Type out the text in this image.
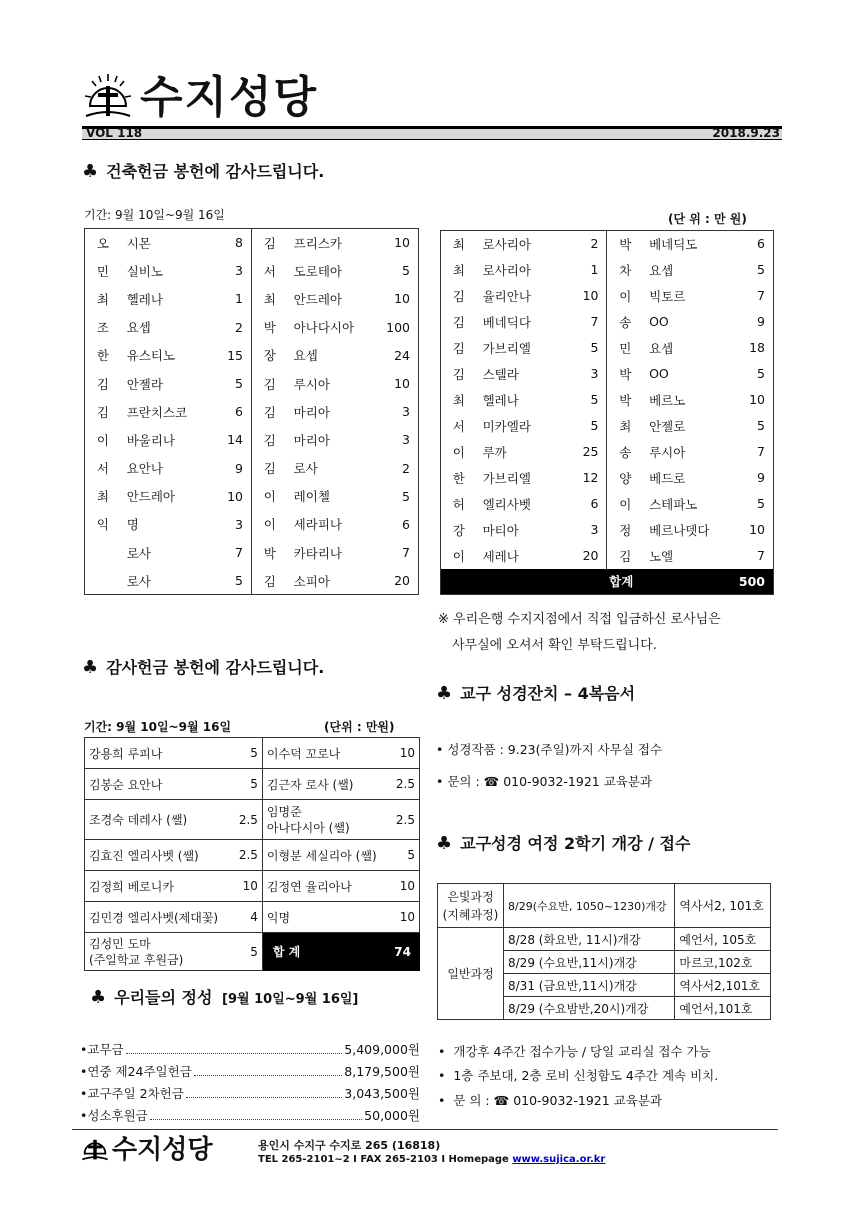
수지성당
VOL 118	2018.9.23
♣ 건축헌금 봉헌에 감사드립니다.
기간: 9월 10일~9월 16일	(단 위 : 만 원)
오	시몬	8	김	프리스카	10
민	실비노	3	서	도로테아	5
최	헬레나	1	최	안드레아	10
조	요셉	2	박	아나다시아	100
한	유스티노	15	장	요셉	24
김	안젤라	5	김	루시아	10
김	프란치스코	6	김	마리아	3
이	바울리나	14	김	마리아	3
서	요안나	9	김	로사	2
최	안드레아	10	이	레이첼	5
익	명	3	이	세라피나	6
	로사	7	박	카타리나	7
	로사	5	김	소피아	20
최	로사리아	2	박	베네딕도	6
최	로사리아	1	차	요셉	5
김	율리안나	10	이	빅토르	7
김	베네딕다	7	송	OO	9
김	가브리엘	5	민	요셉	18
김	스텔라	3	박	OO	5
최	헬레나	5	박	베르노	10
서	미카엘라	5	최	안젤로	5
이	루까	25	송	루시아	7
한	가브리엘	12	양	베드로	9
허	엘리사벳	6	이	스테파노	5
강	마티아	3	정	베르나뎃다	10
이	세레나	20	김	노엘	7
합계					500
※ 우리은행 수지지점에서 직접 입금하신 로사님은
사무실에 오셔서 확인 부탁드립니다.
♣ 감사헌금 봉헌에 감사드립니다.
기간: 9월 10일~9월 16일	(단위 : 만원)
강용희 루피나	5	이수덕 꼬로나	10
김봉순 요안나	5	김근자 로사 (쌜)	2.5
조경숙 데레사 (쌜)	2.5	임명준
아나다시아 (쌜)	2.5
김효진 엘리사벳 (쌜)	2.5	이형분 세실리아 (쌜)	5
김정희 베로니카	10	김정연 율리아나	10
김민경 엘리사벳(제대꽃)	4	익명	10
김성민 도마
(주일학교 후원금)	5	합 계	74
♣ 우리들의 정성 [9월 10일~9월 16일]
• 교무금	5,409,000원
• 연중 제24주일헌금	8,179,500원
• 교구주일 2차헌금	3,043,500원
• 성소후원금	50,000원
♣ 교구 성경잔치 – 4복음서
• 성경작품 : 9.23(주일)까지 사무실 접수
• 문의 : ☎ 010-9032-1921 교육분과
♣ 교구성경 여정 2학기 개강 / 접수
은빛과정
(지혜과정)	8/29(수요반, 1050~1230)개강	역사서2, 101호
일반과정	8/28 (화요반, 11시)개강	예언서, 105호
	8/29 (수요반,11시)개강	마르코,102호
	8/31 (금요반,11시)개강	역사서2,101호
	8/29 (수요밤반,20시)개강	예언서,101호
•  개강후 4주간 접수가능 / 당일 교리실 접수 가능
•  1층 주보대, 2층 로비 신청함도 4주간 계속 비치.
•  문 의 : ☎ 010-9032-1921 교육분과
수지성당	용인시 수지구 수지로 265 (16818)
TEL 265-2101~2 I FAX 265-2103 I Homepage www.sujica.or.kr
